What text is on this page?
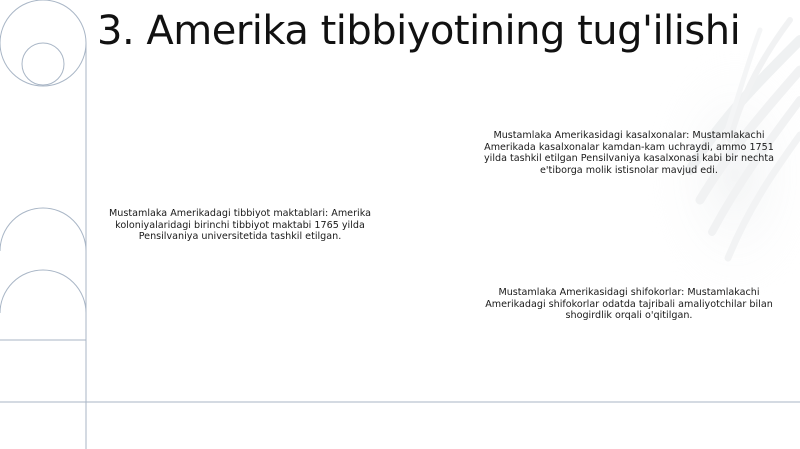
3. Amerika tibbiyotining tug'ilishi

Mustamlaka Amerikadagi tibbiyot maktablari: Amerika koloniyalaridagi birinchi tibbiyot maktabi 1765 yilda Pensilvaniya universitetida tashkil etilgan.

Mustamlaka Amerikasidagi kasalxonalar: Mustamlakachi Amerikada kasalxonalar kamdan-kam uchraydi, ammo 1751 yilda tashkil etilgan Pensilvaniya kasalxonasi kabi bir nechta e'tiborga molik istisnolar mavjud edi.

Mustamlaka Amerikasidagi shifokorlar: Mustamlakachi Amerikadagi shifokorlar odatda tajribali amaliyotchilar bilan shogirdlik orqali o'qitilgan.
